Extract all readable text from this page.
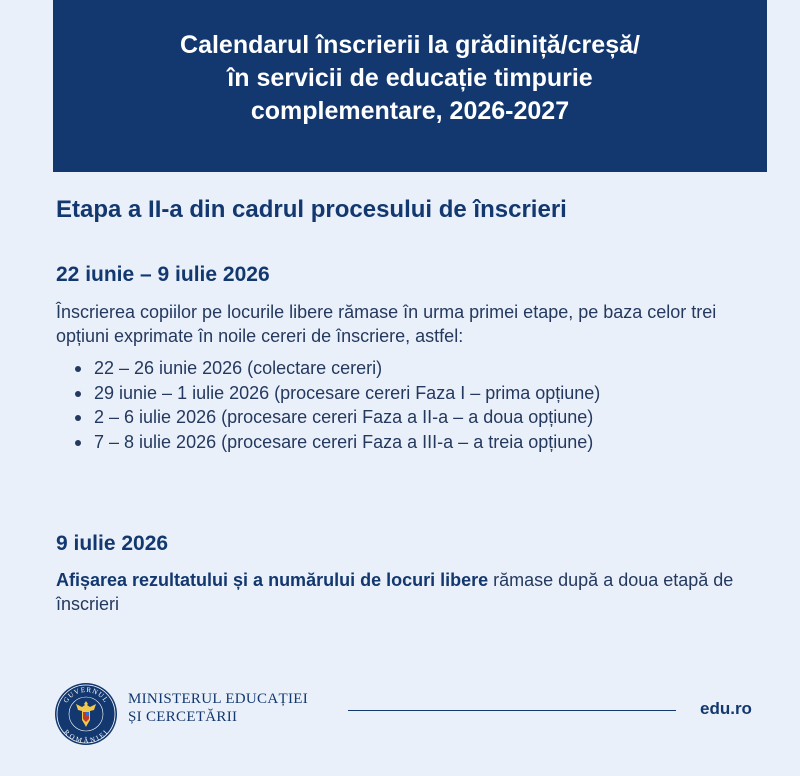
Calendarul înscrierii la grădiniță/creșă/
în servicii de educație timpurie
complementare, 2026-2027
Etapa a II-a din cadrul procesului de înscrieri
22 iunie – 9 iulie 2026
Înscrierea copiilor pe locurile libere rămase în urma primei etape, pe baza celor trei opțiuni exprimate în noile cereri de înscriere, astfel:
22 – 26 iunie 2026 (colectare cereri)
29 iunie – 1 iulie 2026 (procesare cereri Faza I – prima opțiune)
2 – 6 iulie 2026 (procesare cereri Faza a II-a – a doua opțiune)
7 – 8 iulie 2026 (procesare cereri Faza a III-a – a treia opțiune)
9 iulie 2026
Afișarea rezultatului și a numărului de locuri libere rămase după a doua etapă de înscrieri
GUVERNUL
ROMÂNIEI
MINISTERUL EDUCAȚIEI
ȘI CERCETĂRII	edu.ro
